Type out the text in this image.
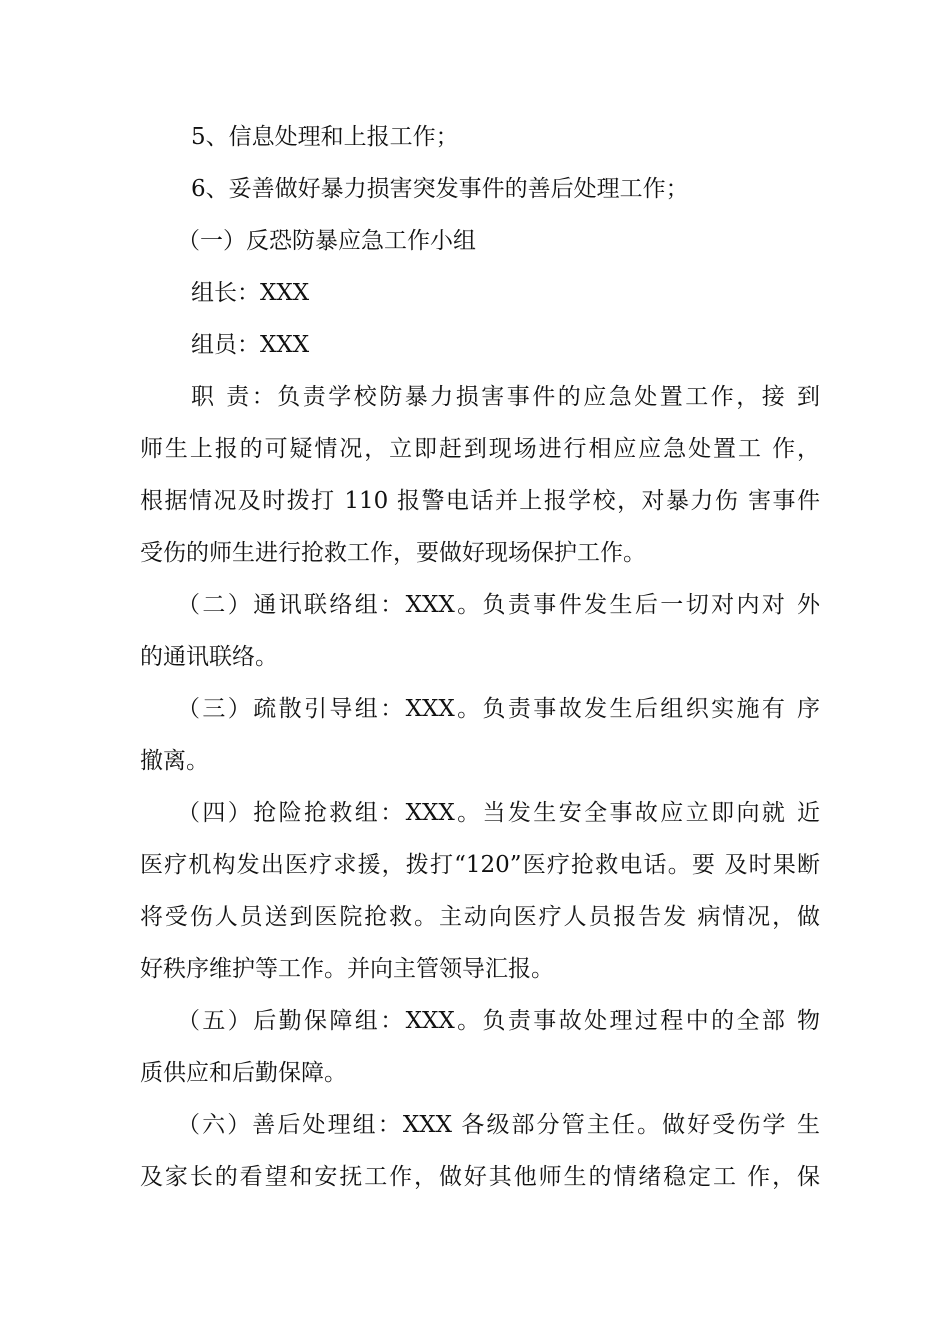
5、信息处理和上报工作；
6、妥善做好暴力损害突发事件的善后处理工作；
（一）反恐防暴应急工作小组
组长：XXX
组员：XXX
职 责：负责学校防暴力损害事件的应急处置工作，接 到
师生上报的可疑情况，立即赶到现场进行相应应急处置工 作，
根据情况及时拨打 110 报警电话并上报学校，对暴力伤 害事件
受伤的师生进行抢救工作，要做好现场保护工作。
（二）通讯联络组：XXX。负责事件发生后一切对内对 外
的通讯联络。
（三）疏散引导组：XXX。负责事故发生后组织实施有 序
撤离。
（四）抢险抢救组：XXX。当发生安全事故应立即向就 近
医疗机构发出医疗求援，拨打“120”医疗抢救电话。要 及时果断
将受伤人员送到医院抢救。主动向医疗人员报告发 病情况，做
好秩序维护等工作。并向主管领导汇报。
（五）后勤保障组：XXX。负责事故处理过程中的全部 物
质供应和后勤保障。
（六）善后处理组：XXX 各级部分管主任。做好受伤学 生
及家长的看望和安抚工作，做好其他师生的情绪稳定工 作，保
